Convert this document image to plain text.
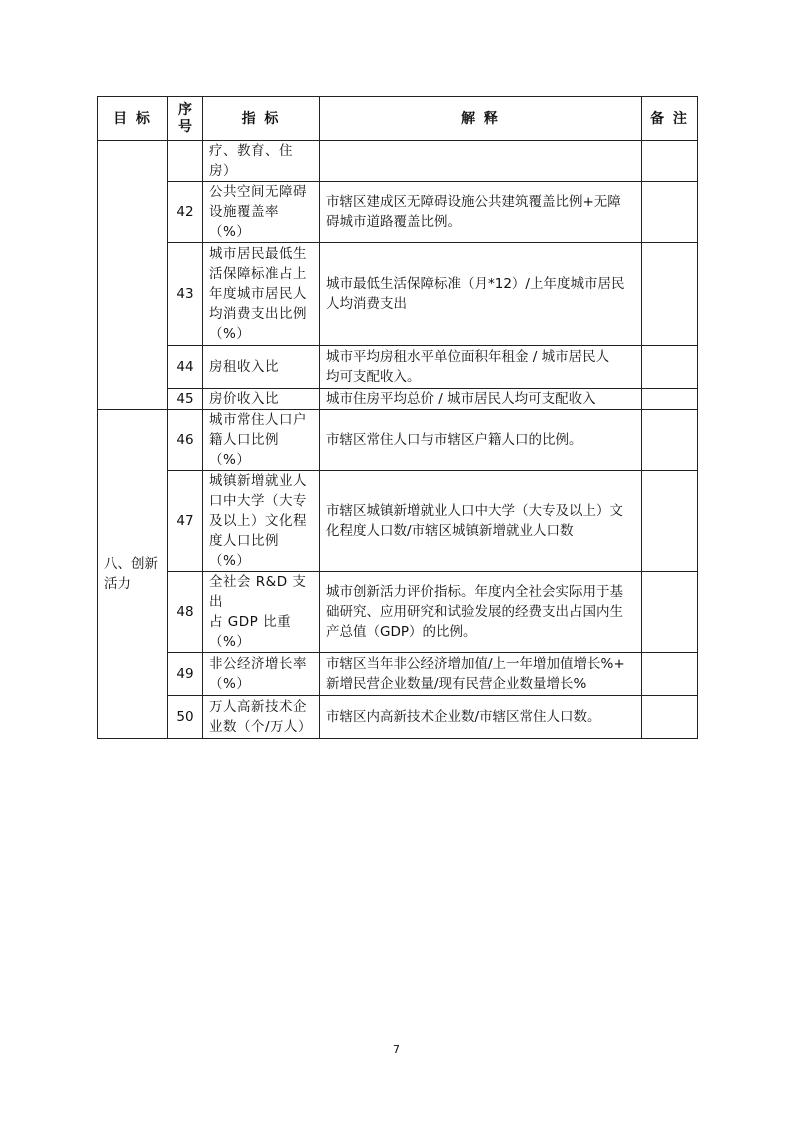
目 标	序
号	指 标	解 释	备 注
		疗、教育、住房）		
	42	公共空间无障碍
设施覆盖率（%）	市辖区建成区无障碍设施公共建筑覆盖比例+无障
碍城市道路覆盖比例。	
	43	城市居民最低生
活保障标准占上
年度城市居民人
均消费支出比例
（%）	城市最低生活保障标准（月*12）/上年度城市居民
人均消费支出	
	44	房租收入比	城市平均房租水平单位面积年租金 / 城市居民人
均可支配收入。	
	45	房价收入比	城市住房平均总价 / 城市居民人均可支配收入	
八、创新
活力	46	城市常住人口户
籍人口比例（%）	市辖区常住人口与市辖区户籍人口的比例。	
	47	城镇新增就业人
口中大学（大专
及以上）文化程
度人口比例（%）	市辖区城镇新增就业人口中大学（大专及以上）文
化程度人口数/市辖区城镇新增就业人口数	
	48	全社会 R&D 支出
占 GDP 比重（%）	城市创新活力评价指标。年度内全社会实际用于基
础研究、应用研究和试验发展的经费支出占国内生
产总值（GDP）的比例。	
	49	非公经济增长率
（%）	市辖区当年非公经济增加值/上一年增加值增长%+
新增民营企业数量/现有民营企业数量增长%	
	50	万人高新技术企
业数（个/万人）	市辖区内高新技术企业数/市辖区常住人口数。	
7
